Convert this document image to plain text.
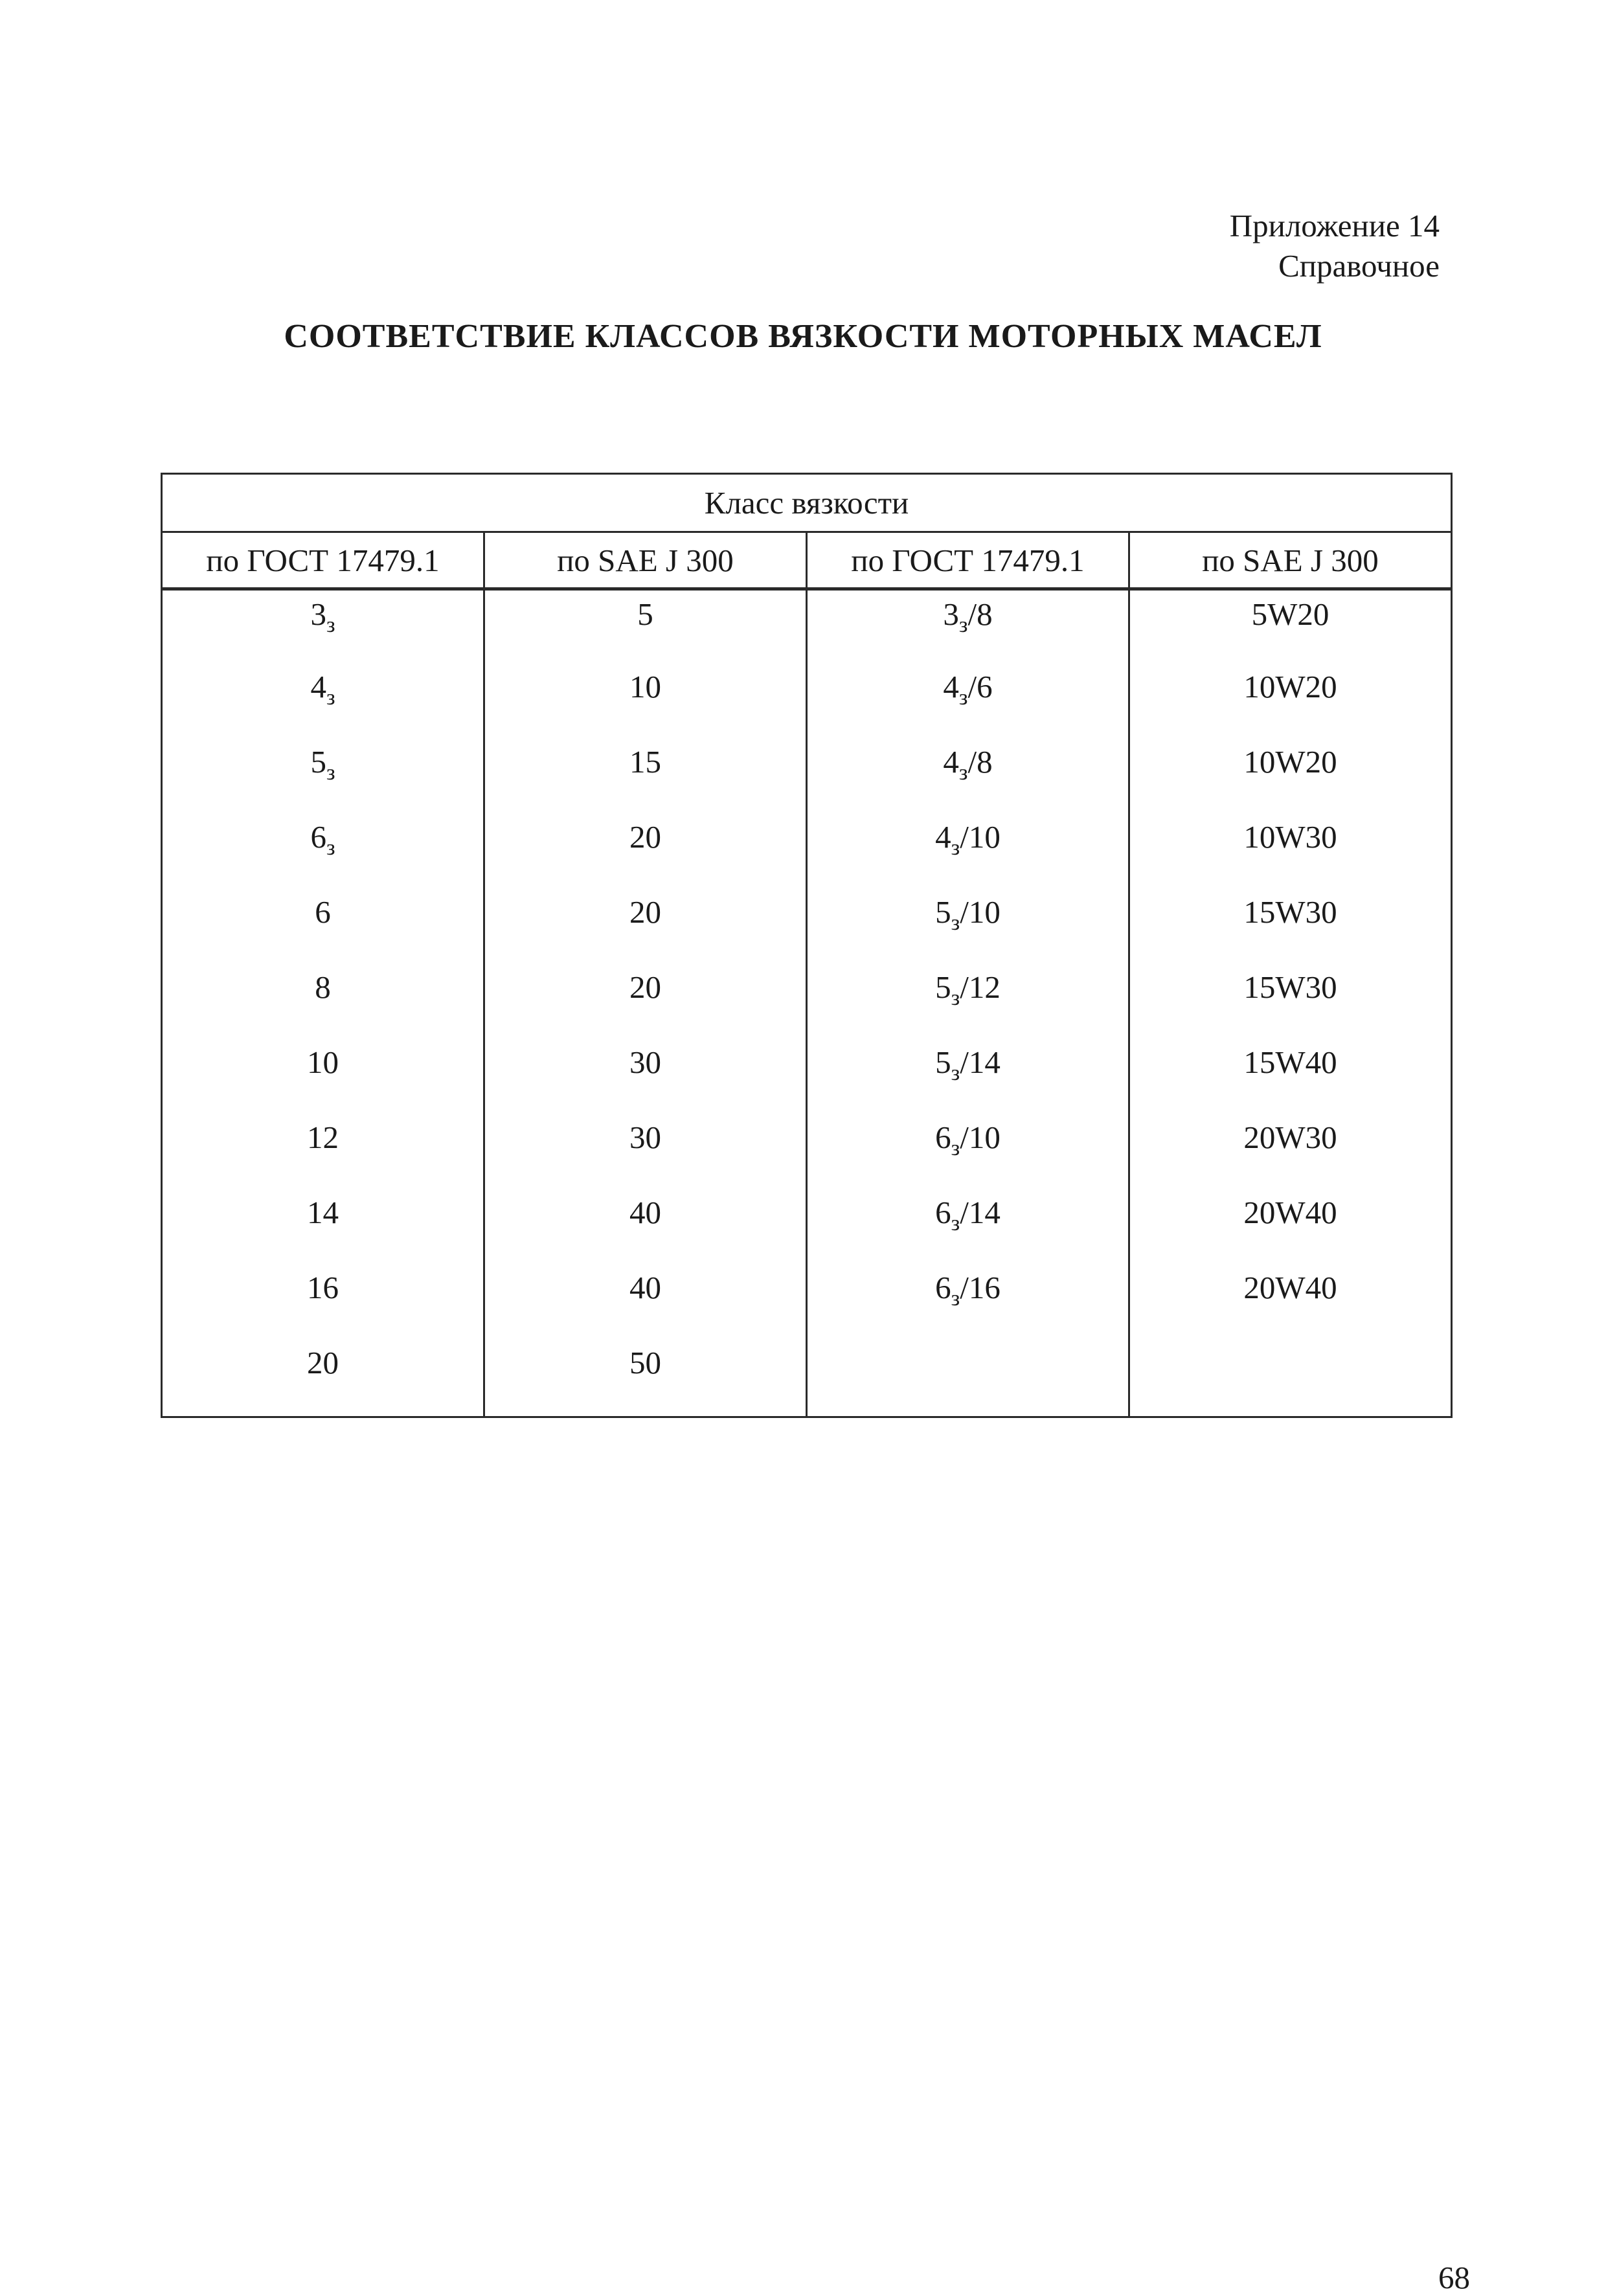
Приложение 14
Справочное
СООТВЕТСТВИЕ КЛАССОВ ВЯЗКОСТИ МОТОРНЫХ МАСЕЛ
Класс вязкости			
по ГОСТ 17479.1	по SAE J 300	по ГОСТ 17479.1	по SAE J 300
$3_з$	5	$3_з/8$	5W20
$4_з$	10	$4_з/6$	10W20
$5_з$	15	$4_з/8$	10W20
$6_з$	20	$4_з/10$	10W30
6	20	$5_з/10$	15W30
8	20	$5_з/12$	15W30
10	30	$5_з/14$	15W40
12	30	$6_з/10$	20W30
14	40	$6_з/14$	20W40
16	40	$6_з/16$	20W40
20	50		
68
